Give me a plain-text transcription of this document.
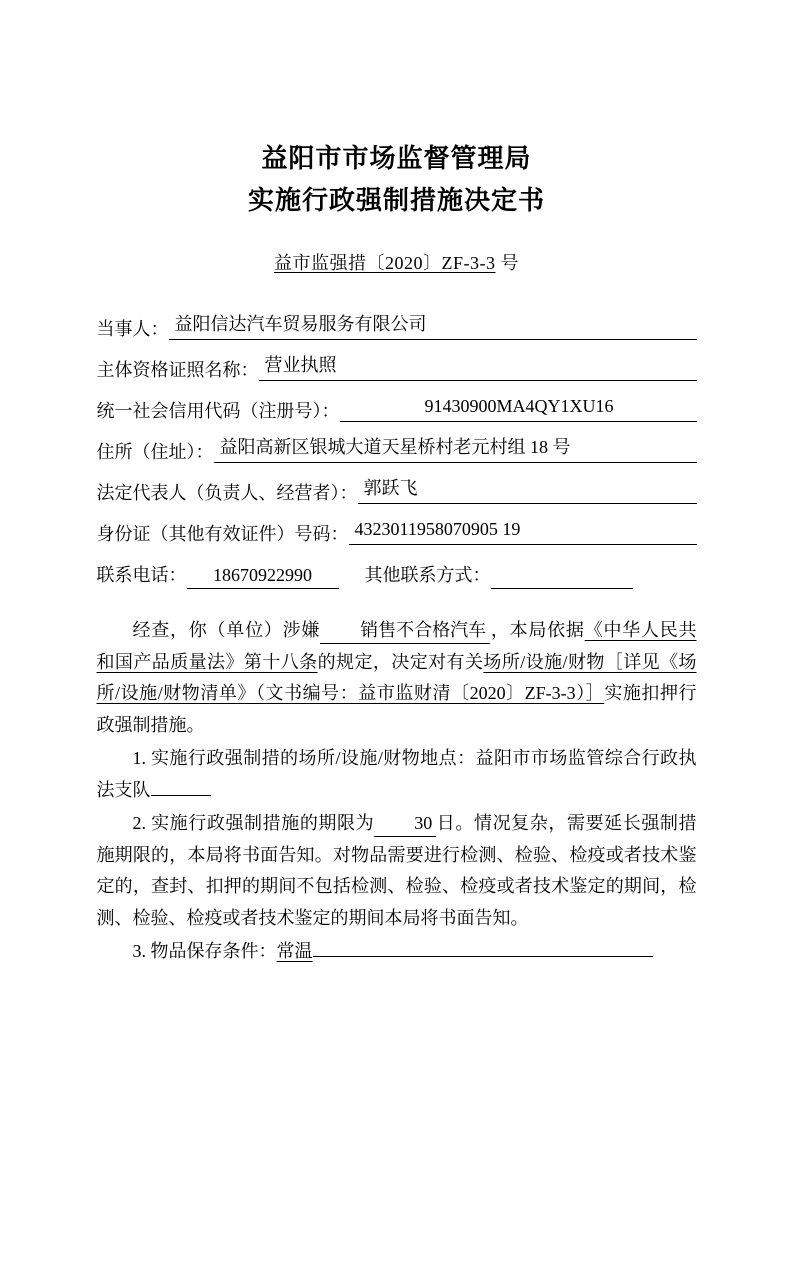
益阳市市场监督管理局
实施行政强制措施决定书
益市监强措〔2020〕ZF-3-3 号
当事人： 益阳信达汽车贸易服务有限公司
主体资格证照名称： 营业执照
统一社会信用代码（注册号）：	91430900MA4QY1XU16
住所（住址）： 益阳高新区银城大道天星桥村老元村组 18 号
法定代表人（负责人、经营者）： 郭跃飞
身份证（其他有效证件）号码： 4323011958070905 19
联系电话：	18670922990	其他联系方式：
经查，你（单位）涉嫌 销售不合格汽车 ，本局依据《中华人民共和国产品质量法》第十八条的规定，决定对有关场所/设施/财物［详见《场所/设施/财物清单》（文书编号：益市监财清〔2020〕ZF-3-3）］实施扣押行政强制措施。
1. 实施行政强制措的场所/设施/财物地点：益阳市市场监管综合行政执法支队
2. 实施行政强制措施的期限为 30 日。情况复杂，需要延长强制措施期限的，本局将书面告知。对物品需要进行检测、检验、检疫或者技术鉴定的，查封、扣押的期间不包括检测、检验、检疫或者技术鉴定的期间，检测、检验、检疫或者技术鉴定的期间本局将书面告知。
3. 物品保存条件：常温
